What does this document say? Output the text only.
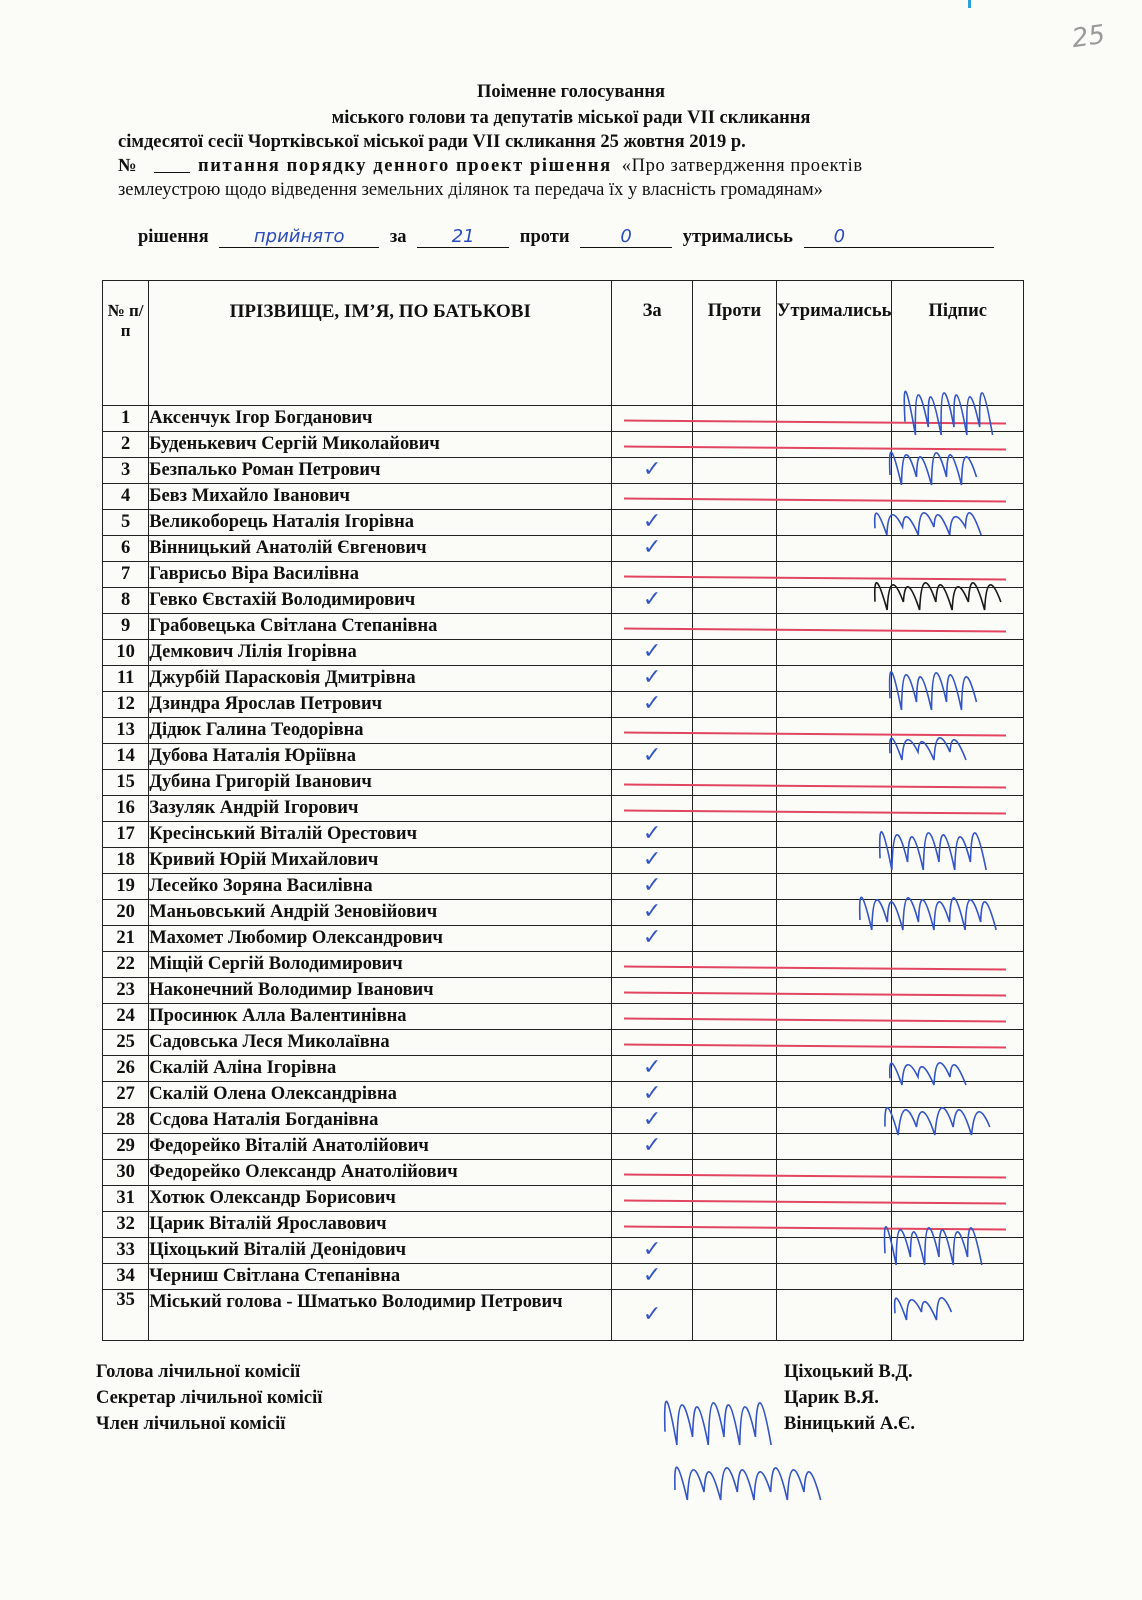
25
Поіменне голосування
міського голови та депутатів міської ради VII скликання
сімдесятої сесії Чортківської міської ради VII скликання 25 жовтня 2019 р.
№	питання порядку денного проект рішення «Про затвердження проектів
землеустрою щодо відведення земельних ділянок та передача їх у власність громадянам»
рішення	прийнято за	21 проти	0	утрималисьь 0
№ п/п	ПРІЗВИЩЕ, ІМ’Я, ПО БАТЬКОВІ	За	Проти	Утрималисьь	Підпис
1	Аксенчук Ігор Богданович				
2	Буденькевич Сергій Миколайович				
3	Безпалько Роман Петрович	✓			
4	Бевз Михайло Іванович				
5	Великоборець Наталія Ігорівна	✓			
6	Вінницький Анатолій Євгенович	✓			
7	Гаврисьо Віра Василівна				
8	Гевко Євстахій Володимирович	✓			
9	Грабовецька Світлана Степанівна				
10	Демкович Лілія Ігорівна	✓			
11	Джурбій Парасковія Дмитрівна	✓			
12	Дзиндра Ярослав Петрович	✓			
13	Дідюк Галина Теодорівна				
14	Дубова Наталія Юріївна	✓			
15	Дубина Григорій Іванович				
16	Зазуляк Андрій Ігорович				
17	Кресінський Віталій Орестович	✓			
18	Кривий Юрій Михайлович	✓			
19	Лесейко Зоряна Василівна	✓			
20	Маньовський Андрій Зеновійович	✓			
21	Махомет Любомир Олександрович	✓			
22	Міщій Сергій Володимирович				
23	Наконечний Володимир Іванович				
24	Просинюк Алла Валентинівна				
25	Садовська Леся Миколаївна				
26	Скалій Аліна Ігорівна	✓			
27	Скалій Олена Олександрівна	✓			
28	Ссдова Наталія Богданівна	✓			
29	Федорейко Віталій Анатолійович	✓			
30	Федорейко Олександр Анатолійович				
31	Хотюк Олександр Борисович				
32	Царик Віталій Ярославович				
33	Ціхоцький Віталій Деонідович	✓			
34	Черниш Світлана Степанівна	✓			
35	Міський голова - Шматько Володимир Петрович	✓			
Голова лічильної комісії	Ціхоцький В.Д.
Секретар лічильної комісії	Царик В.Я.
Член лічильної комісії	Віницький А.Є.
